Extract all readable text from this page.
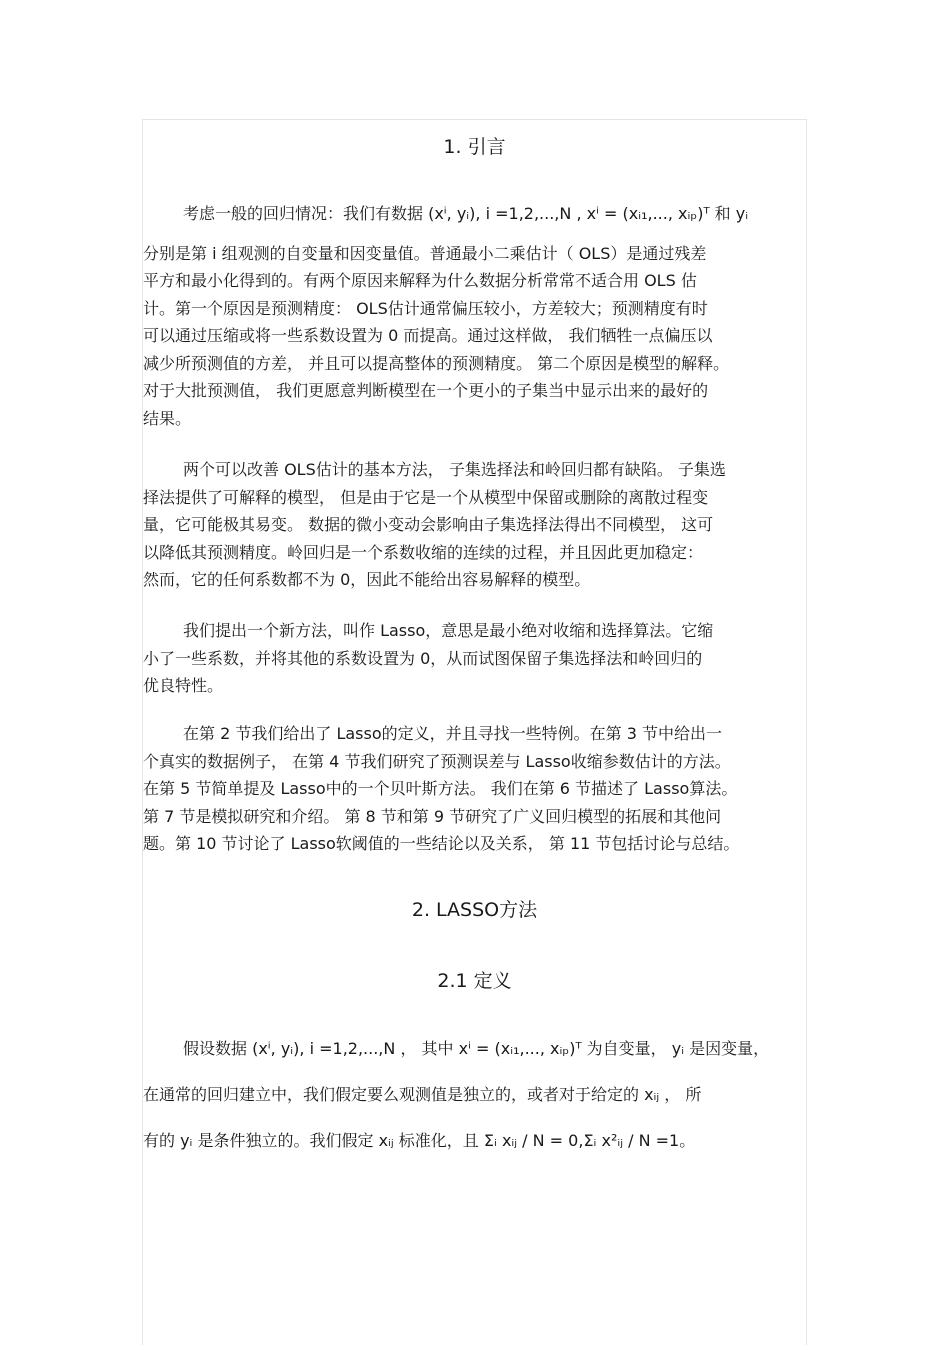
1. 引言
考虑一般的回归情况：我们有数据 (xⁱ, yᵢ), i =1,2,...,N , xⁱ = (xᵢ₁,..., xᵢₚ)ᵀ 和 yᵢ
分别是第 i 组观测的自变量和因变量值。普通最小二乘估计（ OLS）是通过残差
平方和最小化得到的。有两个原因来解释为什么数据分析常常不适合用 OLS 估
计。第一个原因是预测精度： OLS估计通常偏压较小，方差较大；预测精度有时
可以通过压缩或将一些系数设置为 0 而提高。通过这样做， 我们牺牲一点偏压以
减少所预测值的方差， 并且可以提高整体的预测精度。 第二个原因是模型的解释。
对于大批预测值， 我们更愿意判断模型在一个更小的子集当中显示出来的最好的
结果。
两个可以改善 OLS估计的基本方法， 子集选择法和岭回归都有缺陷。 子集选
择法提供了可解释的模型， 但是由于它是一个从模型中保留或删除的离散过程变
量，它可能极其易变。 数据的微小变动会影响由子集选择法得出不同模型， 这可
以降低其预测精度。岭回归是一个系数收缩的连续的过程，并且因此更加稳定：
然而，它的任何系数都不为 0，因此不能给出容易解释的模型。
我们提出一个新方法，叫作 Lasso，意思是最小绝对收缩和选择算法。它缩
小了一些系数，并将其他的系数设置为 0，从而试图保留子集选择法和岭回归的
优良特性。
在第 2 节我们给出了 Lasso的定义，并且寻找一些特例。在第 3 节中给出一
个真实的数据例子， 在第 4 节我们研究了预测误差与 Lasso收缩参数估计的方法。
在第 5 节简单提及 Lasso中的一个贝叶斯方法。 我们在第 6 节描述了 Lasso算法。
第 7 节是模拟研究和介绍。 第 8 节和第 9 节研究了广义回归模型的拓展和其他问
题。第 10 节讨论了 Lasso软阈值的一些结论以及关系， 第 11 节包括讨论与总结。
2. LASSO方法
2.1 定义
假设数据 (xⁱ, yᵢ), i =1,2,...,N ， 其中 xⁱ = (xᵢ₁,..., xᵢₚ)ᵀ 为自变量， yᵢ 是因变量，
在通常的回归建立中，我们假定要么观测值是独立的，或者对于给定的 xᵢⱼ ， 所
有的 yᵢ 是条件独立的。我们假定 xᵢⱼ 标准化，且 Σᵢ xᵢⱼ / N = 0,Σᵢ x²ᵢⱼ / N =1。
